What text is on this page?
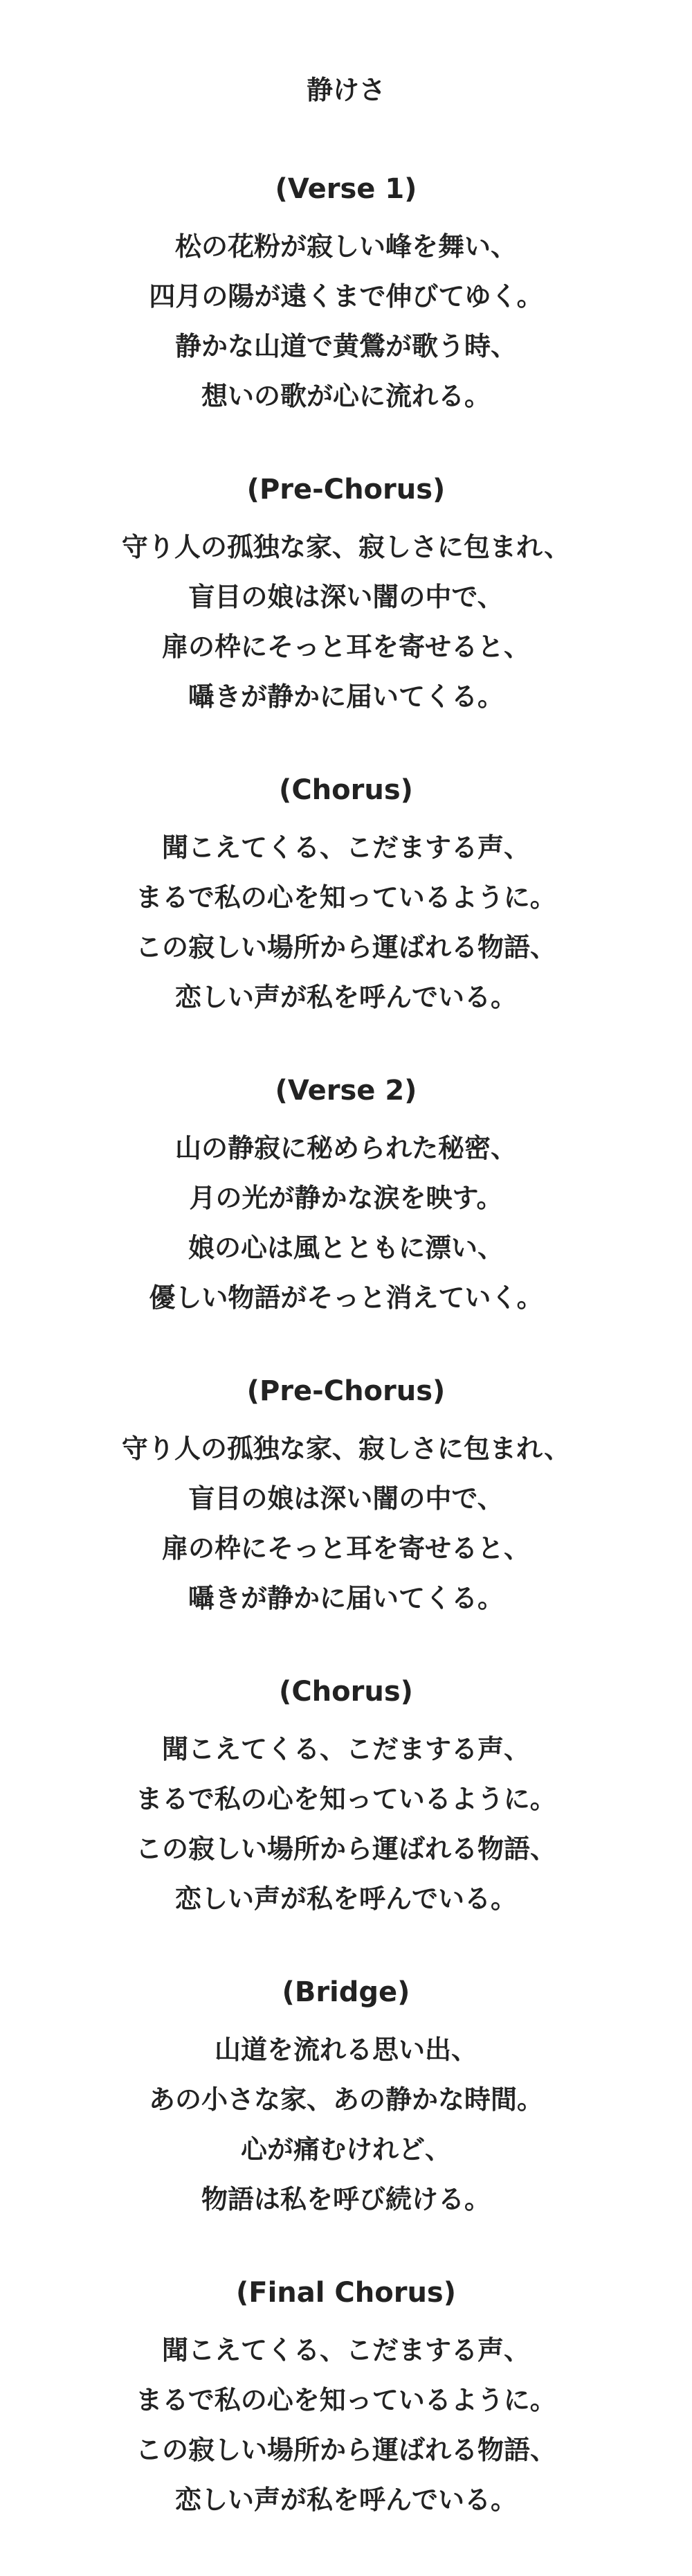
静けさ
(Verse 1)
松の花粉が寂しい峰を舞い、
四月の陽が遠くまで伸びてゆく。
静かな山道で黄鶯が歌う時、
想いの歌が心に流れる。
(Pre-Chorus)
守り人の孤独な家、寂しさに包まれ、
盲目の娘は深い闇の中で、
扉の枠にそっと耳を寄せると、
囁きが静かに届いてくる。
(Chorus)
聞こえてくる、こだまする声、
まるで私の心を知っているように。
この寂しい場所から運ばれる物語、
恋しい声が私を呼んでいる。
(Verse 2)
山の静寂に秘められた秘密、
月の光が静かな涙を映す。
娘の心は風とともに漂い、
優しい物語がそっと消えていく。
(Pre-Chorus)
守り人の孤独な家、寂しさに包まれ、
盲目の娘は深い闇の中で、
扉の枠にそっと耳を寄せると、
囁きが静かに届いてくる。
(Chorus)
聞こえてくる、こだまする声、
まるで私の心を知っているように。
この寂しい場所から運ばれる物語、
恋しい声が私を呼んでいる。
(Bridge)
山道を流れる思い出、
あの小さな家、あの静かな時間。
心が痛むけれど、
物語は私を呼び続ける。
(Final Chorus)
聞こえてくる、こだまする声、
まるで私の心を知っているように。
この寂しい場所から運ばれる物語、
恋しい声が私を呼んでいる。
